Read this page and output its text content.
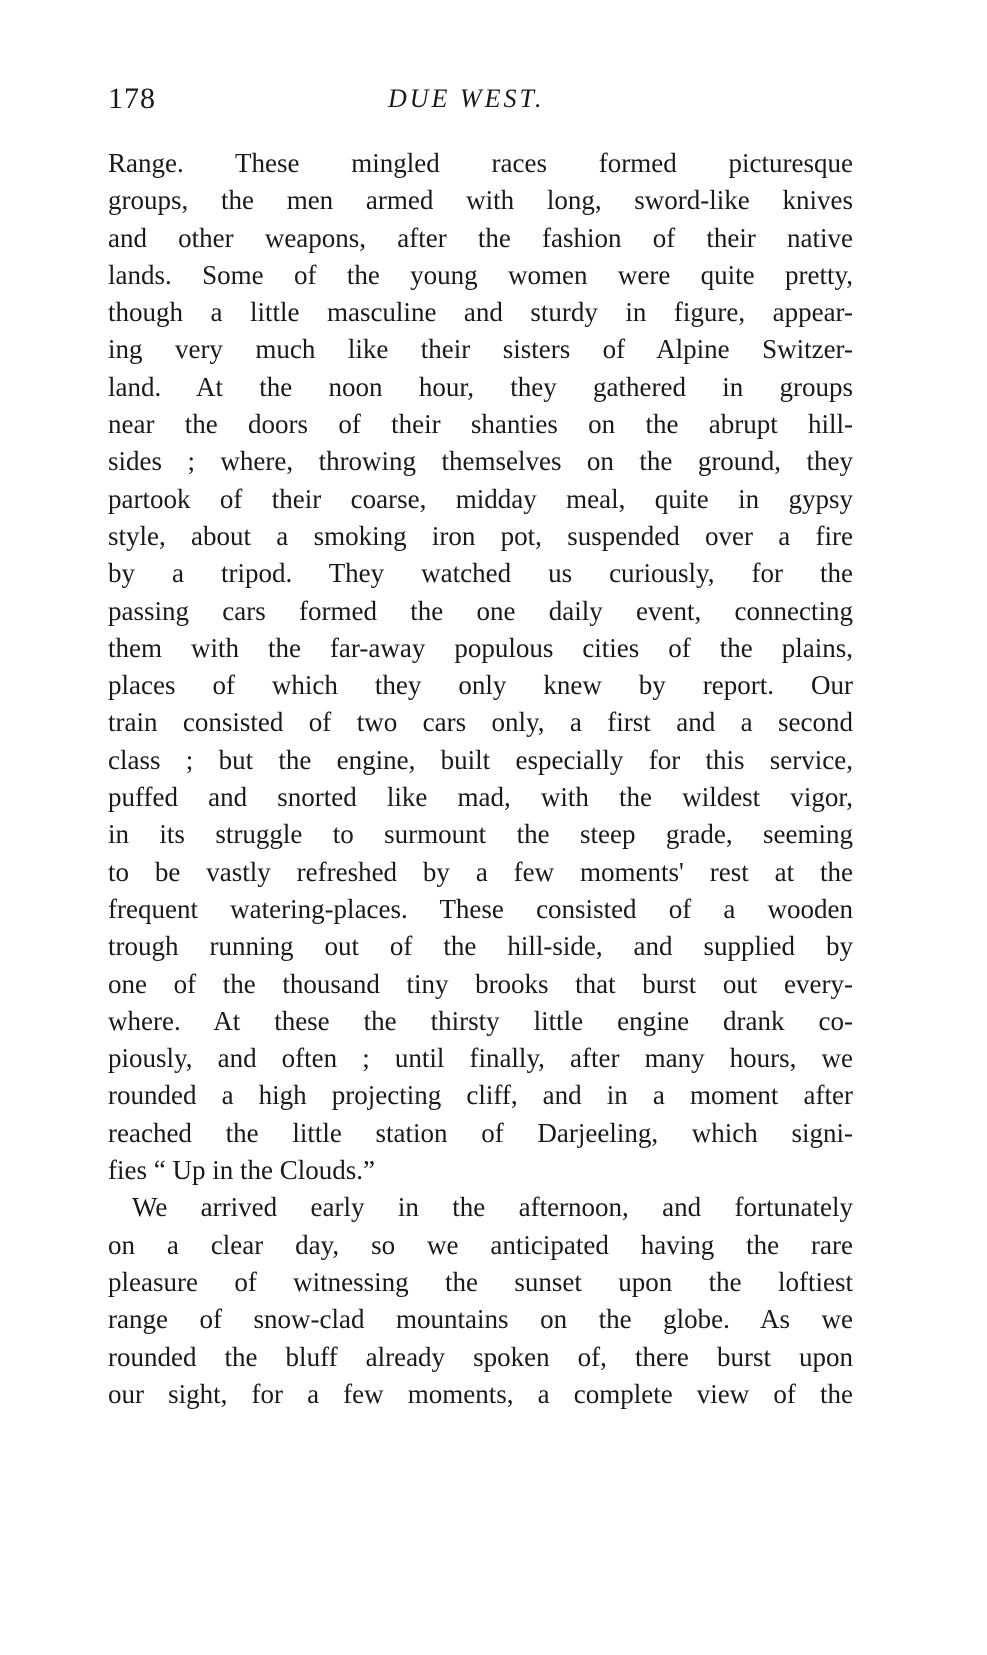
178	DUE WEST.
Range. These mingled races formed picturesque
groups, the men armed with long, sword-like knives
and other weapons, after the fashion of their native
lands. Some of the young women were quite pretty,
though a little masculine and sturdy in figure, appear-
ing very much like their sisters of Alpine Switzer-
land. At the noon hour, they gathered in groups
near the doors of their shanties on the abrupt hill-
sides ; where, throwing themselves on the ground, they
partook of their coarse, midday meal, quite in gypsy
style, about a smoking iron pot, suspended over a fire
by a tripod. They watched us curiously, for the
passing cars formed the one daily event, connecting
them with the far-away populous cities of the plains,
places of which they only knew by report. Our
train consisted of two cars only, a first and a second
class ; but the engine, built especially for this service,
puffed and snorted like mad, with the wildest vigor,
in its struggle to surmount the steep grade, seeming
to be vastly refreshed by a few moments' rest at the
frequent watering-places. These consisted of a wooden
trough running out of the hill-side, and supplied by
one of the thousand tiny brooks that burst out every-
where. At these the thirsty little engine drank co-
piously, and often ; until finally, after many hours, we
rounded a high projecting cliff, and in a moment after
reached the little station of Darjeeling, which signi-
fies “ Up in the Clouds.”
We arrived early in the afternoon, and fortunately
on a clear day, so we anticipated having the rare
pleasure of witnessing the sunset upon the loftiest
range of snow-clad mountains on the globe. As we
rounded the bluff already spoken of, there burst upon
our sight, for a few moments, a complete view of the
